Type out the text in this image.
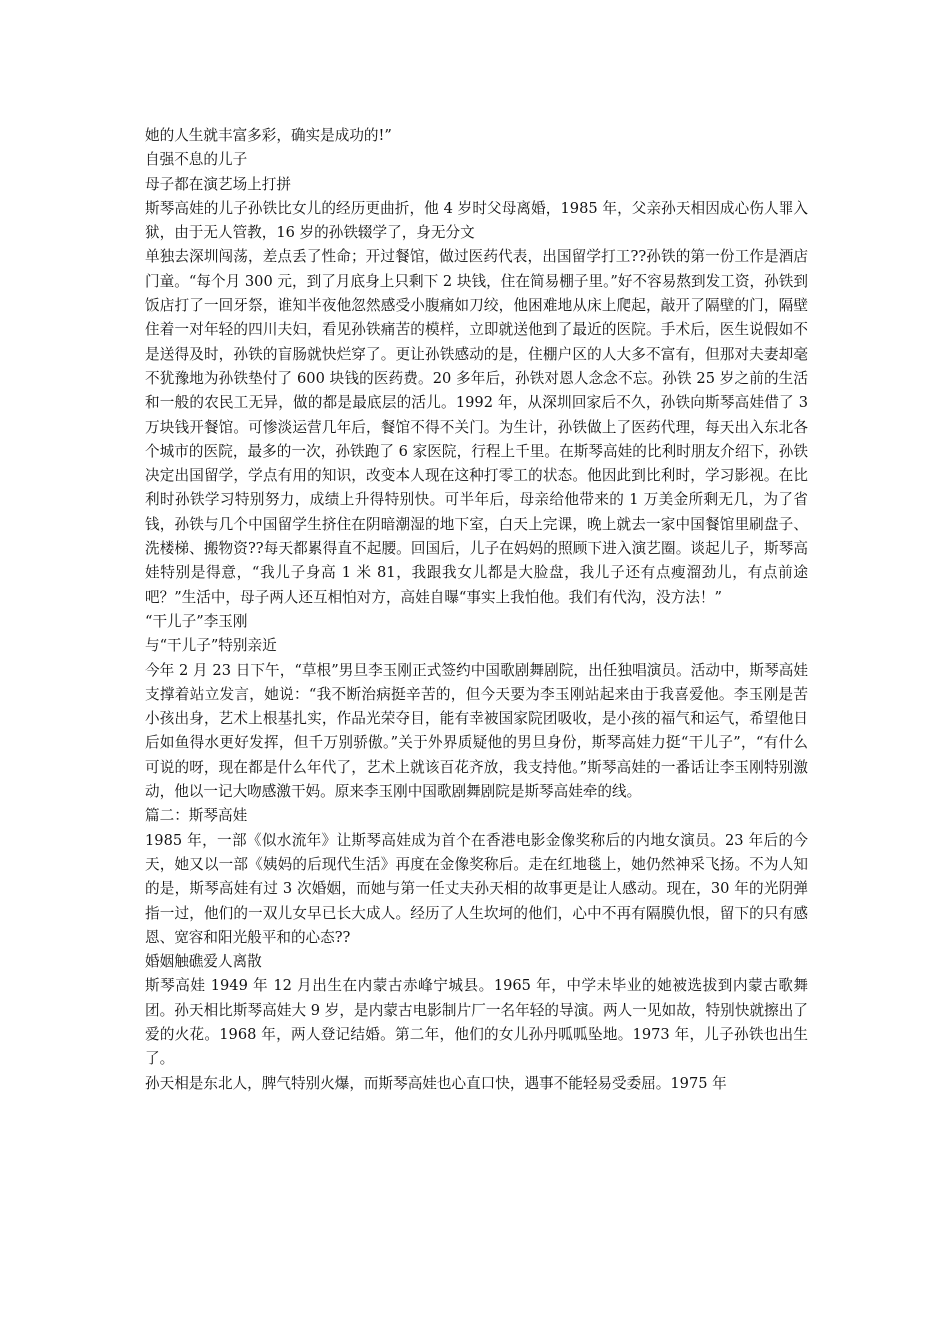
她的人生就丰富多彩，确实是成功的!”

自强不息的儿子

母子都在演艺场上打拼

斯琴高娃的儿子孙铁比女儿的经历更曲折，他 4 岁时父母离婚，1985 年，父亲孙天相因成心伤人罪入狱，由于无人管教，16 岁的孙铁辍学了，身无分文

单独去深圳闯荡，差点丢了性命；开过餐馆，做过医药代表，出国留学打工??孙铁的第一份工作是酒店门童。“每个月 300 元，到了月底身上只剩下 2 块钱，住在简易棚子里。”好不容易熬到发工资，孙铁到饭店打了一回牙祭，谁知半夜他忽然感受小腹痛如刀绞，他困难地从床上爬起，敲开了隔壁的门，隔壁住着一对年轻的四川夫妇，看见孙铁痛苦的模样，立即就送他到了最近的医院。手术后，医生说假如不是送得及时，孙铁的盲肠就快烂穿了。更让孙铁感动的是，住棚户区的人大多不富有，但那对夫妻却毫不犹豫地为孙铁垫付了 600 块钱的医药费。20 多年后，孙铁对恩人念念不忘。孙铁 25 岁之前的生活和一般的农民工无异，做的都是最底层的活儿。1992 年，从深圳回家后不久，孙铁向斯琴高娃借了 3 万块钱开餐馆。可惨淡运营几年后，餐馆不得不关门。为生计，孙铁做上了医药代理，每天出入东北各个城市的医院，最多的一次，孙铁跑了 6 家医院，行程上千里。在斯琴高娃的比利时朋友介绍下，孙铁决定出国留学，学点有用的知识，改变本人现在这种打零工的状态。他因此到比利时，学习影视。在比利时孙铁学习特别努力，成绩上升得特别快。可半年后，母亲给他带来的 1 万美金所剩无几，为了省钱，孙铁与几个中国留学生挤住在阴暗潮湿的地下室，白天上完课，晚上就去一家中国餐馆里刷盘子、洗楼梯、搬物资??每天都累得直不起腰。回国后，儿子在妈妈的照顾下进入演艺圈。谈起儿子，斯琴高娃特别是得意，“我儿子身高 1 米 81，我跟我女儿都是大脸盘，我儿子还有点瘦溜劲儿，有点前途吧？”生活中，母子两人还互相怕对方，高娃自曝“事实上我怕他。我们有代沟，没方法！”

“干儿子”李玉刚

与“干儿子”特别亲近

今年 2 月 23 日下午，“草根”男旦李玉刚正式签约中国歌剧舞剧院，出任独唱演员。活动中，斯琴高娃支撑着站立发言，她说：“我不断治病挺辛苦的，但今天要为李玉刚站起来由于我喜爱他。李玉刚是苦小孩出身，艺术上根基扎实，作品光荣夺目，能有幸被国家院团吸收，是小孩的福气和运气，希望他日后如鱼得水更好发挥，但千万别骄傲。”关于外界质疑他的男旦身份，斯琴高娃力挺“干儿子”，“有什么可说的呀，现在都是什么年代了，艺术上就该百花齐放，我支持他。”斯琴高娃的一番话让李玉刚特别激动，他以一记大吻感激干妈。原来李玉刚中国歌剧舞剧院是斯琴高娃牵的线。

篇二：斯琴高娃

1985 年，一部《似水流年》让斯琴高娃成为首个在香港电影金像奖称后的内地女演员。23 年后的今天，她又以一部《姨妈的后现代生活》再度在金像奖称后。走在红地毯上，她仍然神采飞扬。不为人知的是，斯琴高娃有过 3 次婚姻，而她与第一任丈夫孙天相的故事更是让人感动。现在，30 年的光阴弹指一过，他们的一双儿女早已长大成人。经历了人生坎坷的他们，心中不再有隔膜仇恨，留下的只有感恩、宽容和阳光般平和的心态??

婚姻触礁爱人离散

斯琴高娃 1949 年 12 月出生在内蒙古赤峰宁城县。1965 年，中学未毕业的她被选拔到内蒙古歌舞团。孙天相比斯琴高娃大 9 岁，是内蒙古电影制片厂一名年轻的导演。两人一见如故，特别快就擦出了爱的火花。1968 年，两人登记结婚。第二年，他们的女儿孙丹呱呱坠地。1973 年，儿子孙铁也出生了。

孙天相是东北人，脾气特别火爆，而斯琴高娃也心直口快，遇事不能轻易受委屈。1975 年
